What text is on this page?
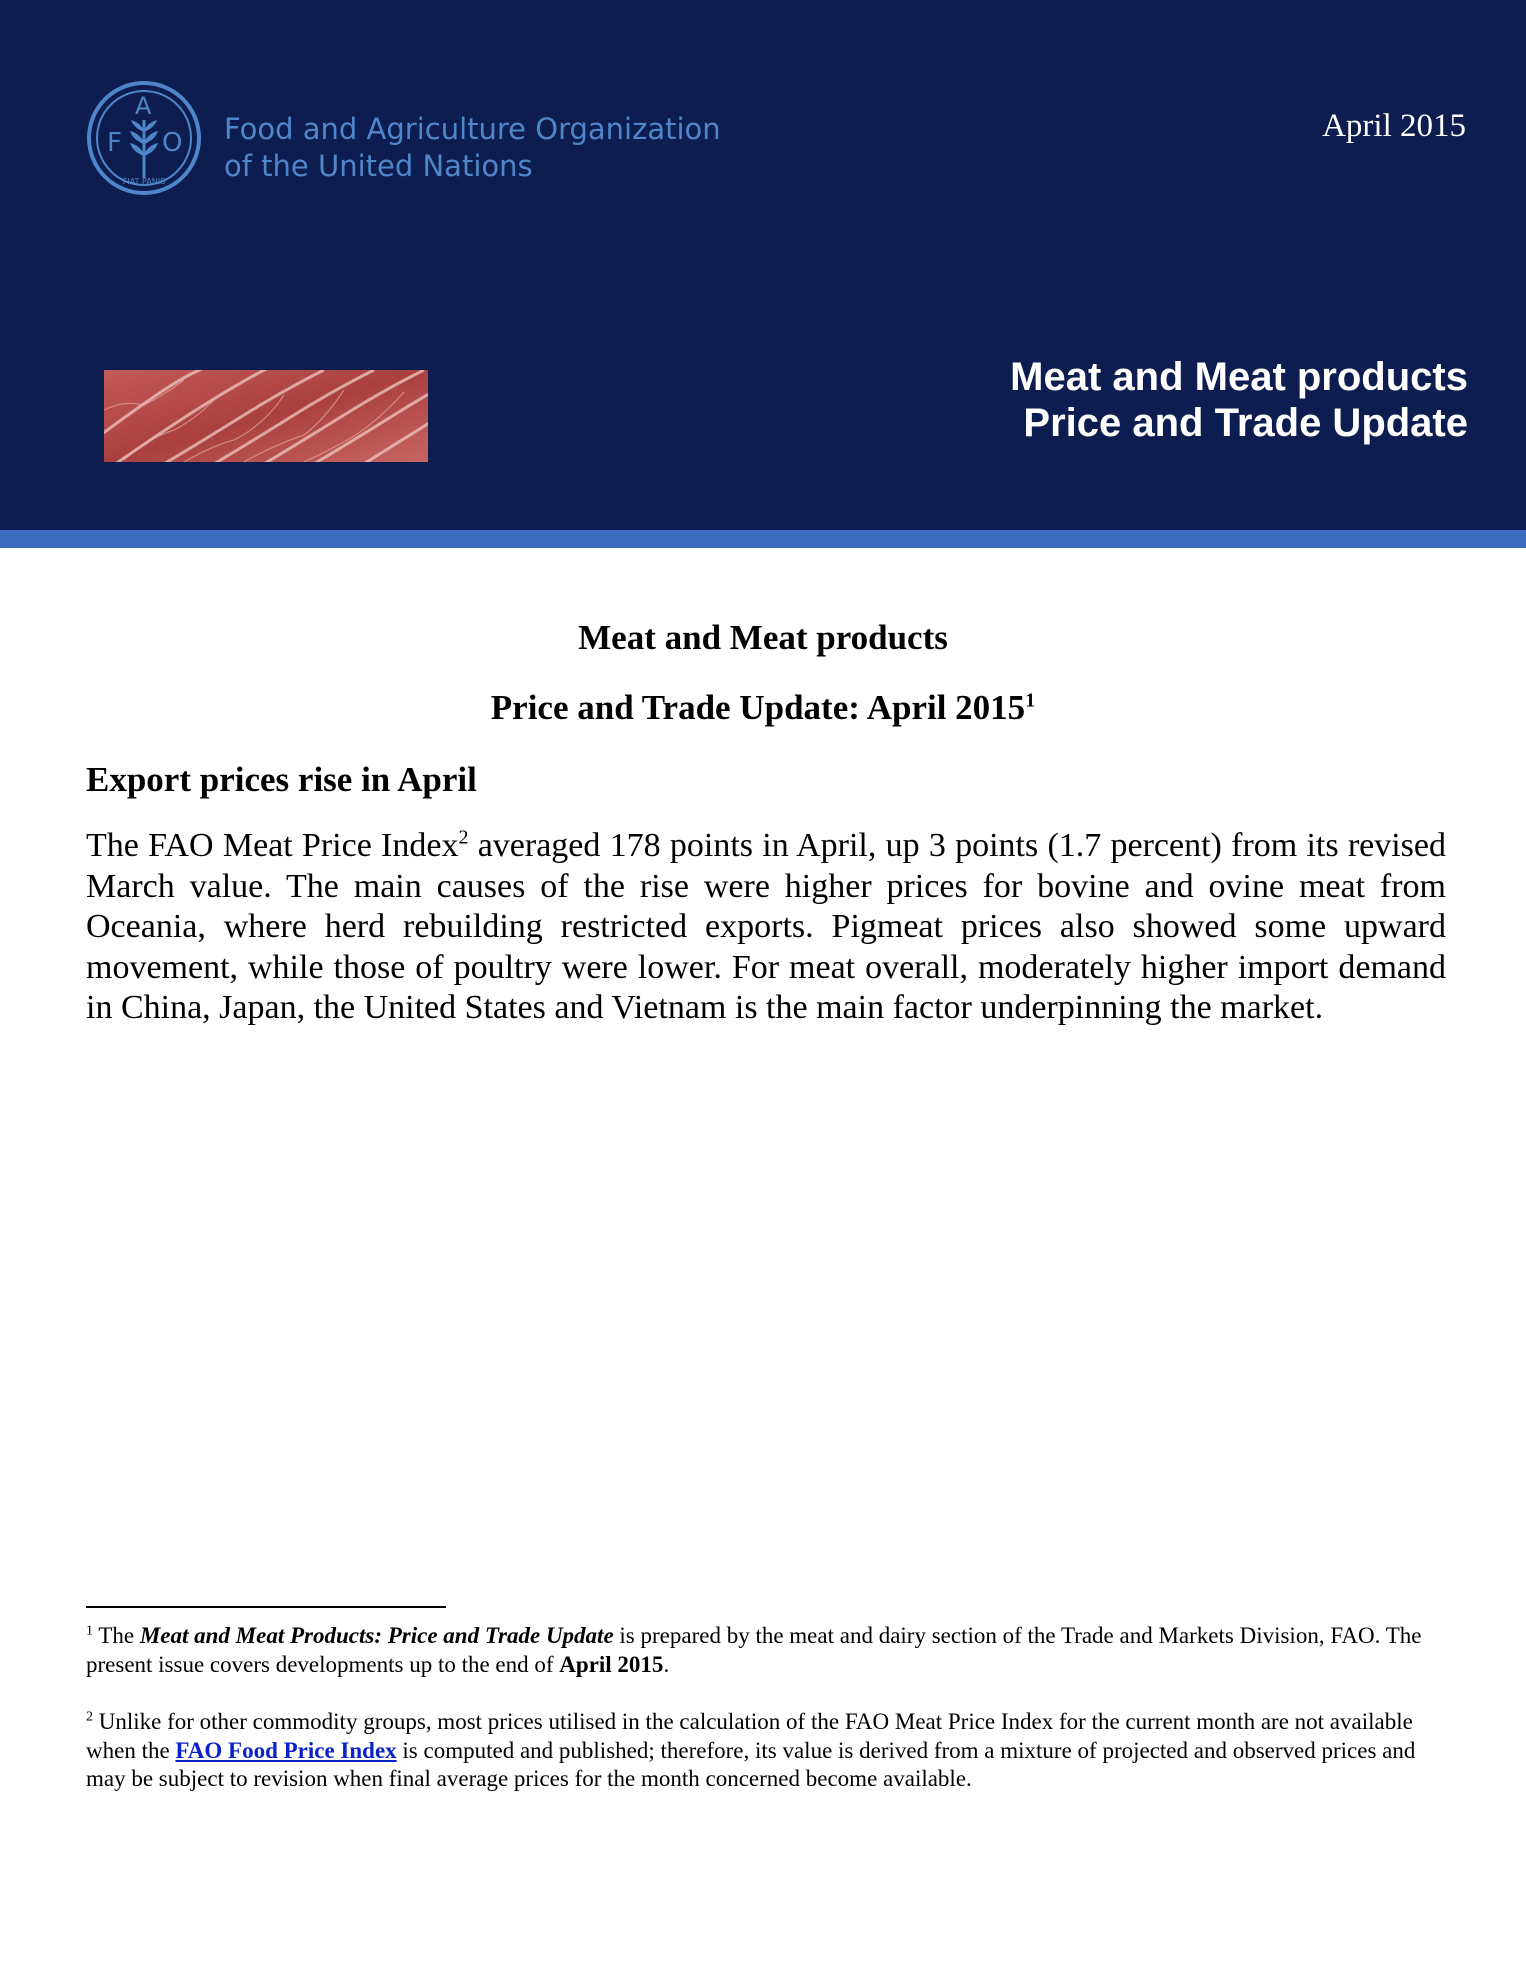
F
A
O
FIAT PANIS
Food and Agriculture Organization
of the United Nations
April 2015
Meat and Meat products
Price and Trade Update
Meat and Meat products
Price and Trade Update: April 2015$^1$
Export prices rise in April

The FAO Meat Price Index$^2$ averaged 178 points in April, up 3 points (1.7 percent) from its revised March value. The main causes of the rise were higher prices for bovine and ovine meat from Oceania, where herd rebuilding restricted exports. Pigmeat prices also showed some upward movement, while those of poultry were lower. For meat overall, moderately higher import demand in China, Japan, the United States and Vietnam is the main factor underpinning the market.

$^1$ The Meat and Meat Products: Price and Trade Update is prepared by the meat and dairy section of the Trade and Markets Division, FAO. The present issue covers developments up to the end of April 2015.

$^2$ Unlike for other commodity groups, most prices utilised in the calculation of the FAO Meat Price Index for the current month are not available when the FAO Food Price Index is computed and published; therefore, its value is derived from a mixture of projected and observed prices and may be subject to revision when final average prices for the month concerned become available.
